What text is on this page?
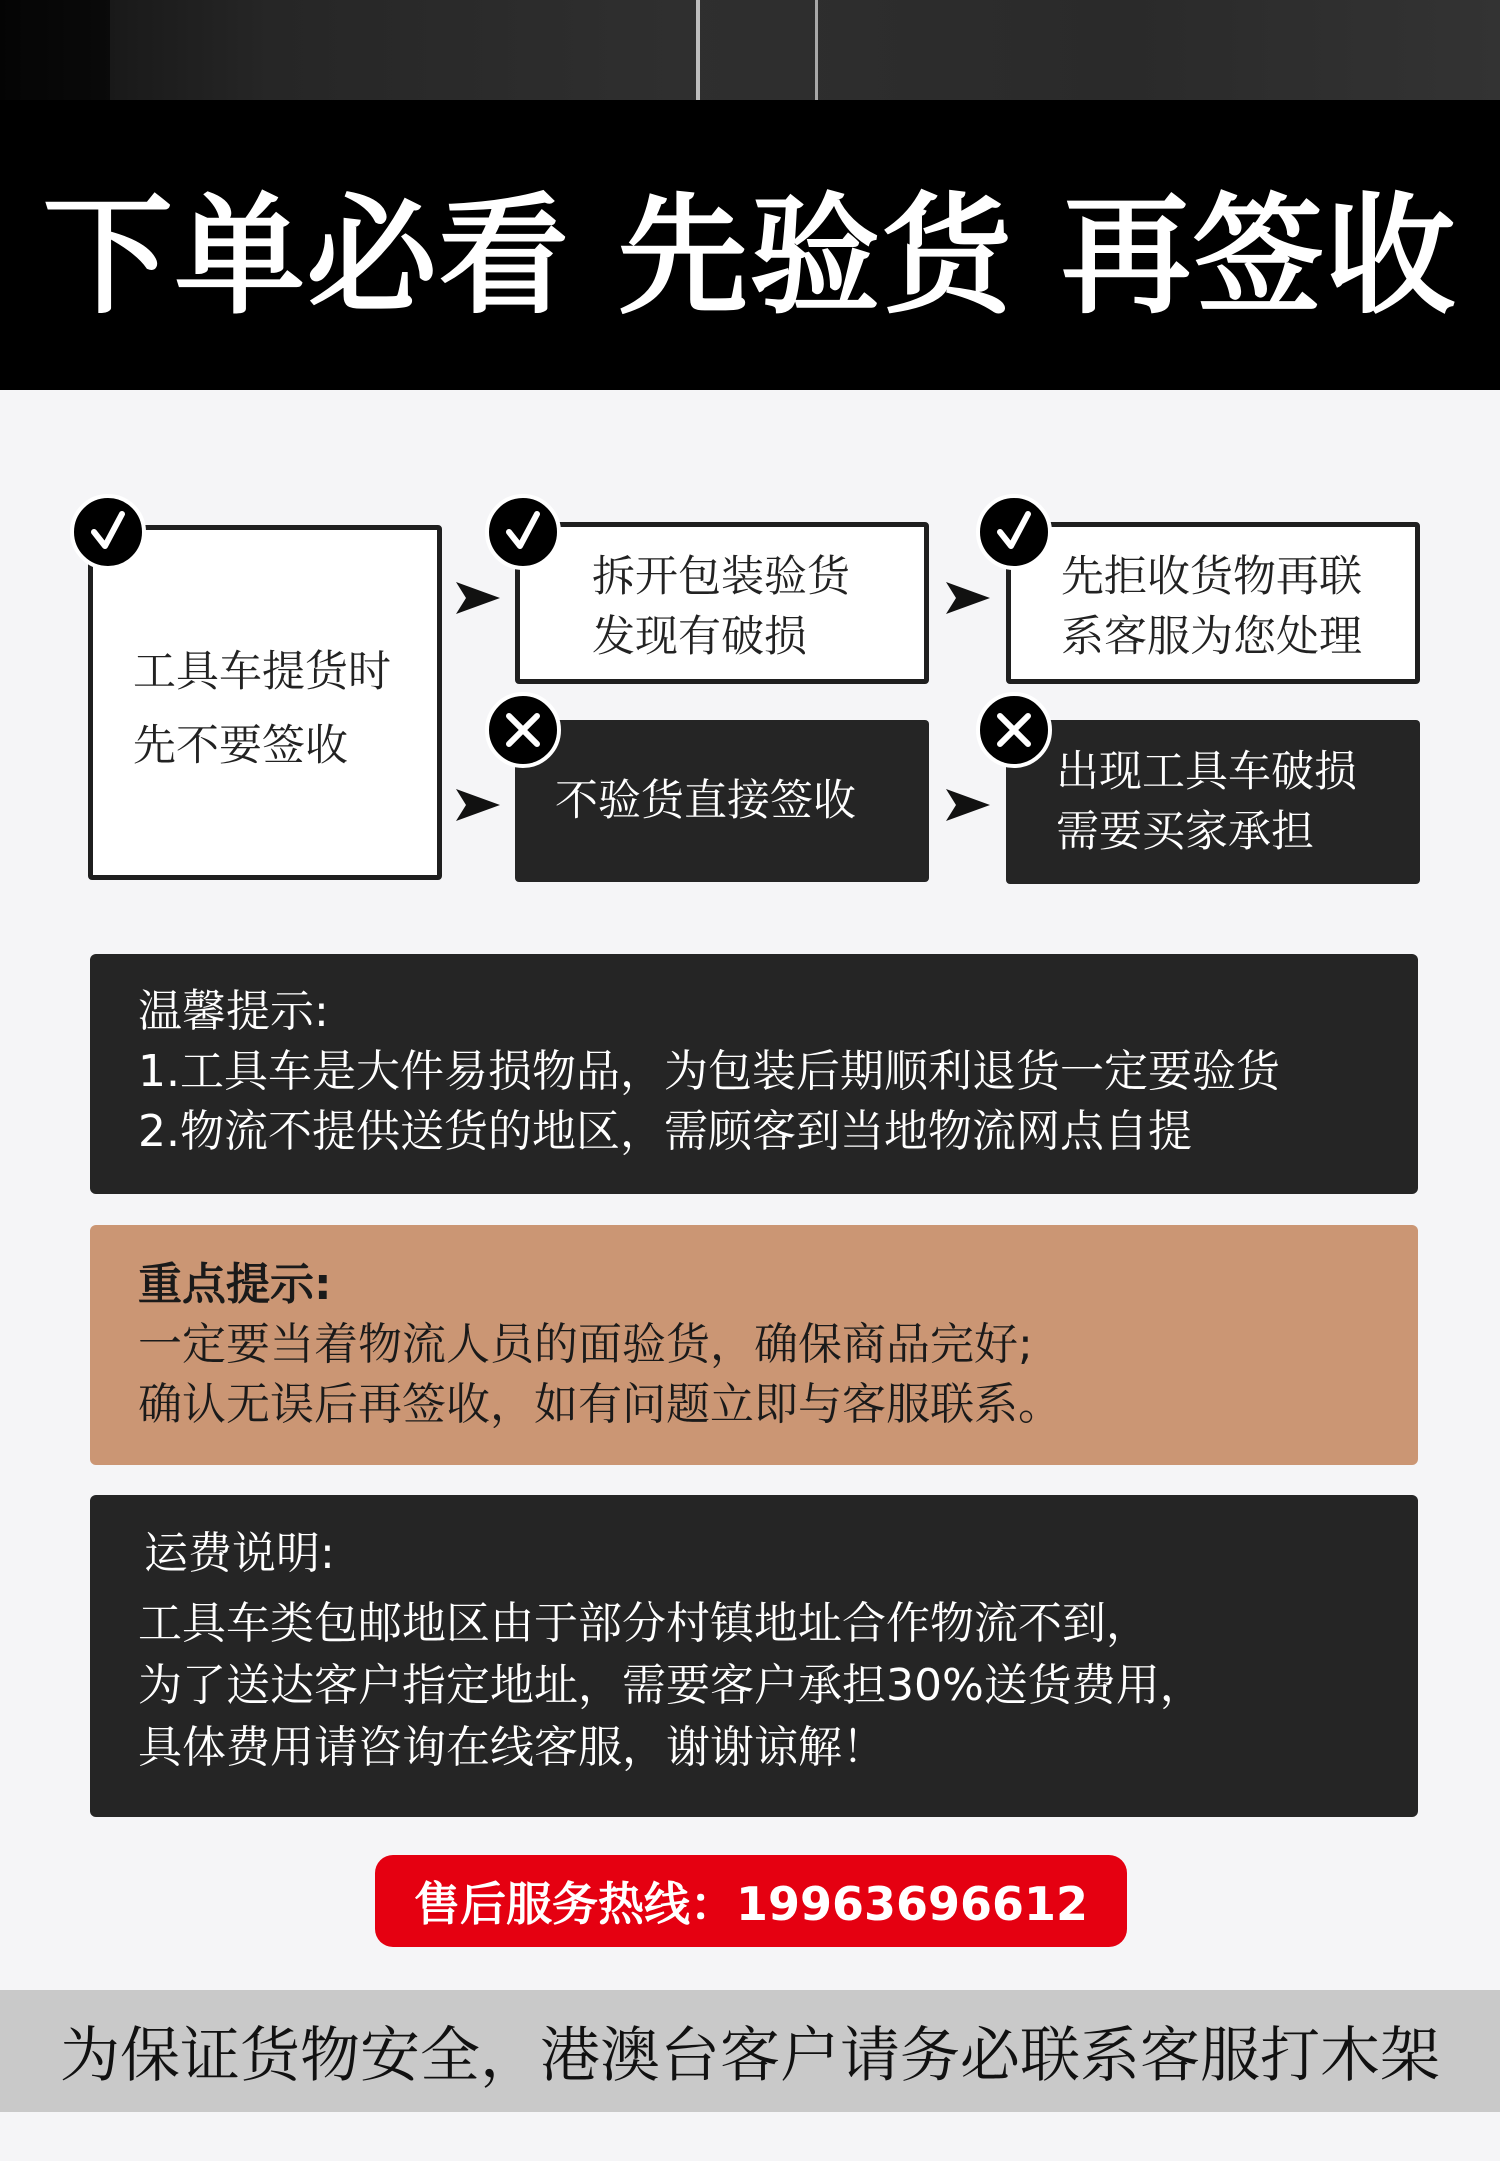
下单必看 先验货 再签收
工具车提货时
先不要签收
拆开包装验货
发现有破损
先拒收货物再联
系客服为您处理
不验货直接签收
出现工具车破损
需要买家承担
温馨提示:
1.工具车是大件易损物品，为包装后期顺利退货一定要验货
2.物流不提供送货的地区，需顾客到当地物流网点自提
重点提示:
一定要当着物流人员的面验货，确保商品完好;
确认无误后再签收，如有问题立即与客服联系。
运费说明:
工具车类包邮地区由于部分村镇地址合作物流不到，
为了送达客户指定地址，需要客户承担30%送货费用，
具体费用请咨询在线客服，谢谢谅解！
售后服务热线：19963696612
为保证货物安全，港澳台客户请务必联系客服打木架
